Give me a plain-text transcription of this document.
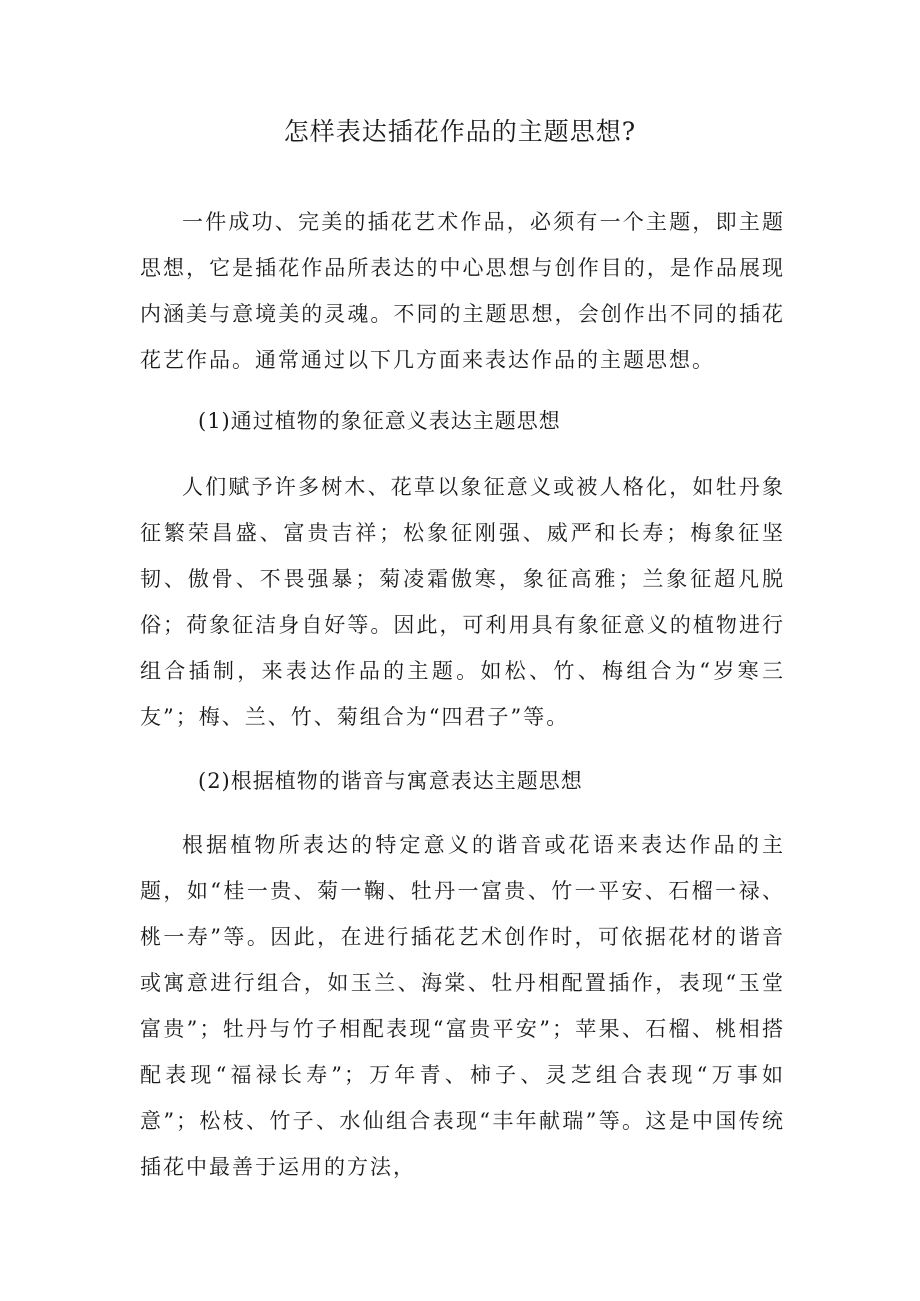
怎样表达插花作品的主题思想?

一件成功、完美的插花艺术作品，必须有一个主题，即主题思想，它是插花作品所表达的中心思想与创作目的，是作品展现内涵美与意境美的灵魂。不同的主题思想，会创作出不同的插花花艺作品。通常通过以下几方面来表达作品的主题思想。

(1)通过植物的象征意义表达主题思想

人们赋予许多树木、花草以象征意义或被人格化，如牡丹象征繁荣昌盛、富贵吉祥；松象征刚强、威严和长寿；梅象征坚韧、傲骨、不畏强暴；菊凌霜傲寒，象征高雅；兰象征超凡脱俗；荷象征洁身自好等。因此，可利用具有象征意义的植物进行组合插制，来表达作品的主题。如松、竹、梅组合为“岁寒三友”；梅、兰、竹、菊组合为“四君子”等。

(2)根据植物的谐音与寓意表达主题思想

根据植物所表达的特定意义的谐音或花语来表达作品的主题，如“桂一贵、菊一鞠、牡丹一富贵、竹一平安、石榴一禄、桃一寿”等。因此，在进行插花艺术创作时，可依据花材的谐音或寓意进行组合，如玉兰、海棠、牡丹相配置插作，表现“玉堂富贵”；牡丹与竹子相配表现“富贵平安”；苹果、石榴、桃相搭配表现“福禄长寿”；万年青、柿子、灵芝组合表现“万事如意”；松枝、竹子、水仙组合表现“丰年献瑞”等。这是中国传统插花中最善于运用的方法，
